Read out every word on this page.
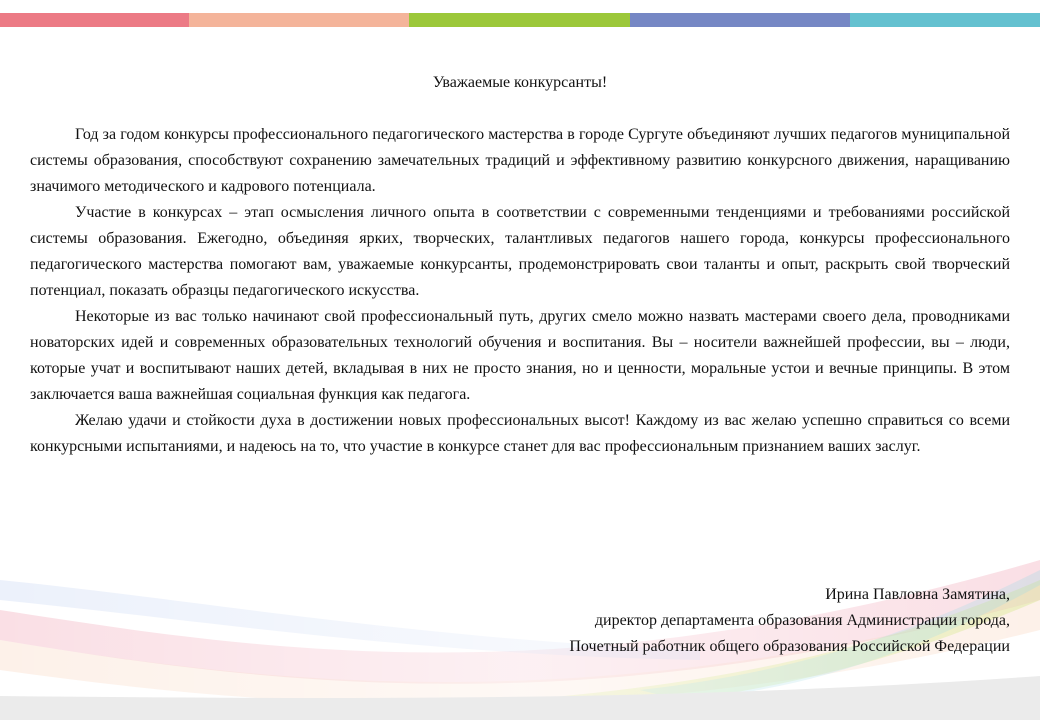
Уважаемые конкурсанты!

Год за годом конкурсы профессионального педагогического мастерства в городе Сургуте объединяют лучших педагогов муниципальной системы образования, способствуют сохранению замечательных традиций и эффективному развитию конкурсного движения, наращиванию значимого методического и кадрового потенциала.

Участие в конкурсах – этап осмысления личного опыта в соответствии с современными тенденциями и требованиями российской системы образования. Ежегодно, объединяя ярких, творческих, талантливых педагогов нашего города, конкурсы профессионального педагогического мастерства помогают вам, уважаемые конкурсанты, продемонстрировать свои таланты и опыт, раскрыть свой творческий потенциал, показать образцы педагогического искусства.

Некоторые из вас только начинают свой профессиональный путь, других смело можно назвать мастерами своего дела, проводниками новаторских идей и современных образовательных технологий обучения и воспитания. Вы – носители важнейшей профессии, вы – люди, которые учат и воспитывают наших детей, вкладывая в них не просто знания, но и ценности, моральные устои и вечные принципы. В этом заключается ваша важнейшая социальная функция как педагога.

Желаю удачи и стойкости духа в достижении новых профессиональных высот! Каждому из вас желаю успешно справиться со всеми конкурсными испытаниями, и надеюсь на то, что участие в конкурсе станет для вас профессиональным признанием ваших заслуг.

Ирина Павловна Замятина,
директор департамента образования Администрации города,
Почетный работник общего образования Российской Федерации
